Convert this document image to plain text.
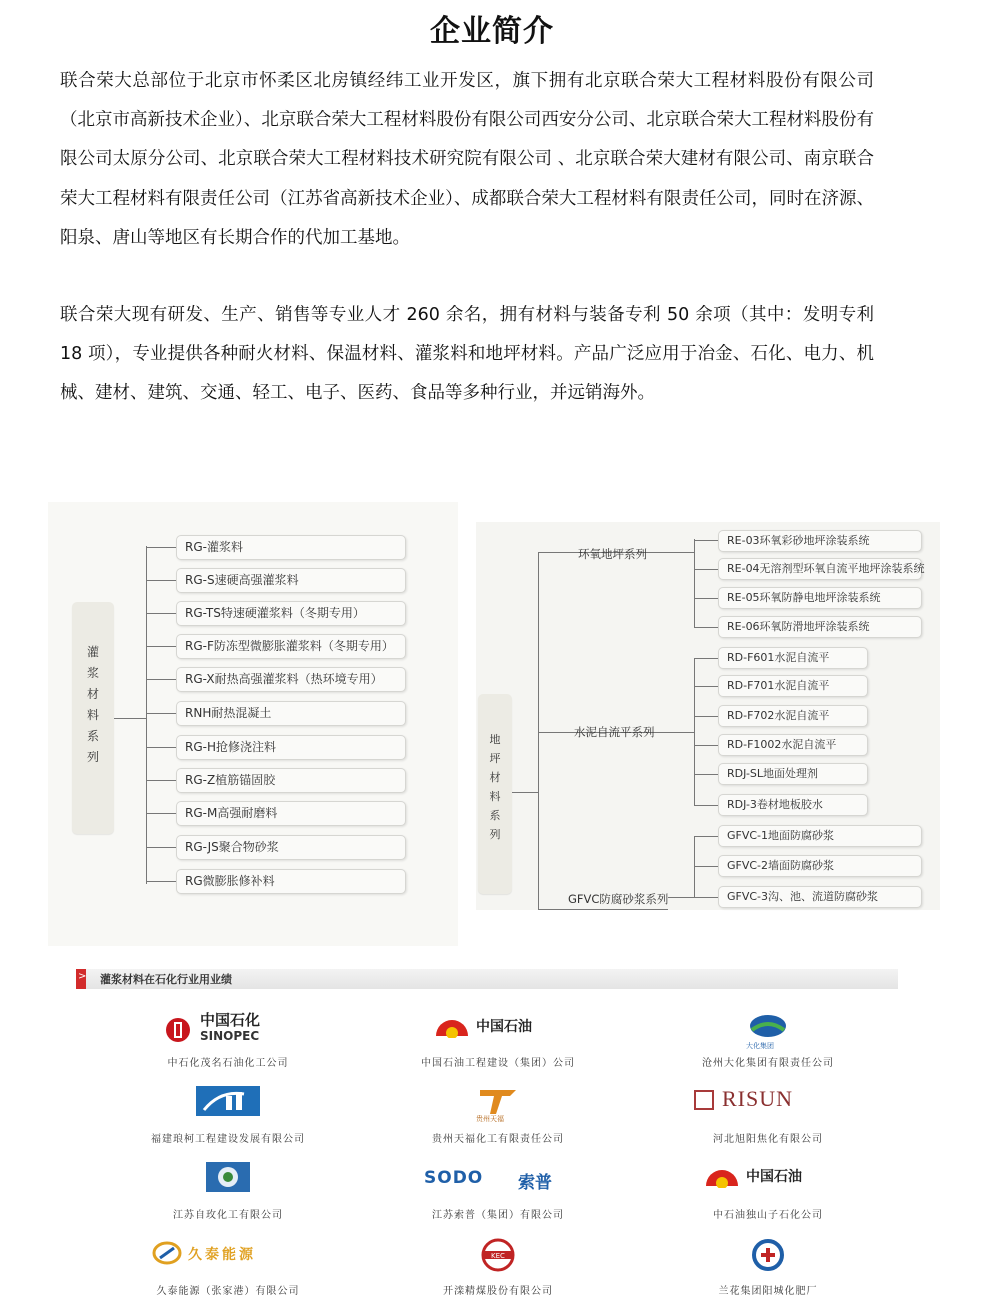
企业简介

联合荣大总部位于北京市怀柔区北房镇经纬工业开发区，旗下拥有北京联合荣大工程材料股份有限公司（北京市高新技术企业）、北京联合荣大工程材料股份有限公司西安分公司、北京联合荣大工程材料股份有限公司太原分公司、北京联合荣大工程材料技术研究院有限公司 、北京联合荣大建材有限公司、南京联合荣大工程材料有限责任公司（江苏省高新技术企业）、成都联合荣大工程材料有限责任公司，同时在济源、阳泉、唐山等地区有长期合作的代加工基地。

联合荣大现有研发、生产、销售等专业人才 260 余名，拥有材料与装备专利 50 余项（其中：发明专利 18 项），专业提供各种耐火材料、保温材料、灌浆料和地坪材料。产品广泛应用于冶金、石化、电力、机械、建材、建筑、交通、轻工、电子、医药、食品等多种行业，并远销海外。

灌
浆
材
料
系
列
RG-灌浆料
RG-S速硬高强灌浆料
RG-TS特速硬灌浆料（冬期专用）
RG-F防冻型微膨胀灌浆料（冬期专用）
RG-X耐热高强灌浆料（热环境专用）
RNH耐热混凝土
RG-H抢修浇注料
RG-Z植筋锚固胶
RG-M高强耐磨料
RG-JS聚合物砂浆
RG微膨胀修补料
地
坪
材
料
系
列
环氧地坪系列
RE-03环氧彩砂地坪涂装系统
RE-04无溶剂型环氧自流平地坪涂装系统
RE-05环氧防静电地坪涂装系统
RE-06环氧防滑地坪涂装系统
水泥自流平系列
RD-F601水泥自流平
RD-F701水泥自流平
RD-F702水泥自流平
RD-F1002水泥自流平
RDJ-SL地面处理剂
RDJ-3卷材地板胶水
GFVC防腐砂浆系列
GFVC-1地面防腐砂浆
GFVC-2墙面防腐砂浆
GFVC-3沟、池、流道防腐砂浆
> 灌浆材料在石化行业用业绩
中国石化
SINOPEC
中石化茂名石油化工公司
中国石油
中国石油工程建设（集团）公司
大化集团
沧州大化集团有限责任公司
福建琅柯工程建设发展有限公司
贵州天福
贵州天福化工有限责任公司
RISUN
河北旭阳焦化有限公司
江苏自玫化工有限公司
SODO 索普
江苏索普（集团）有限公司
中国石油
中石油独山子石化公司
久泰能源
久泰能源（张家港）有限公司
KEC
开滦精煤股份有限公司	兰花集团阳城化肥厂
